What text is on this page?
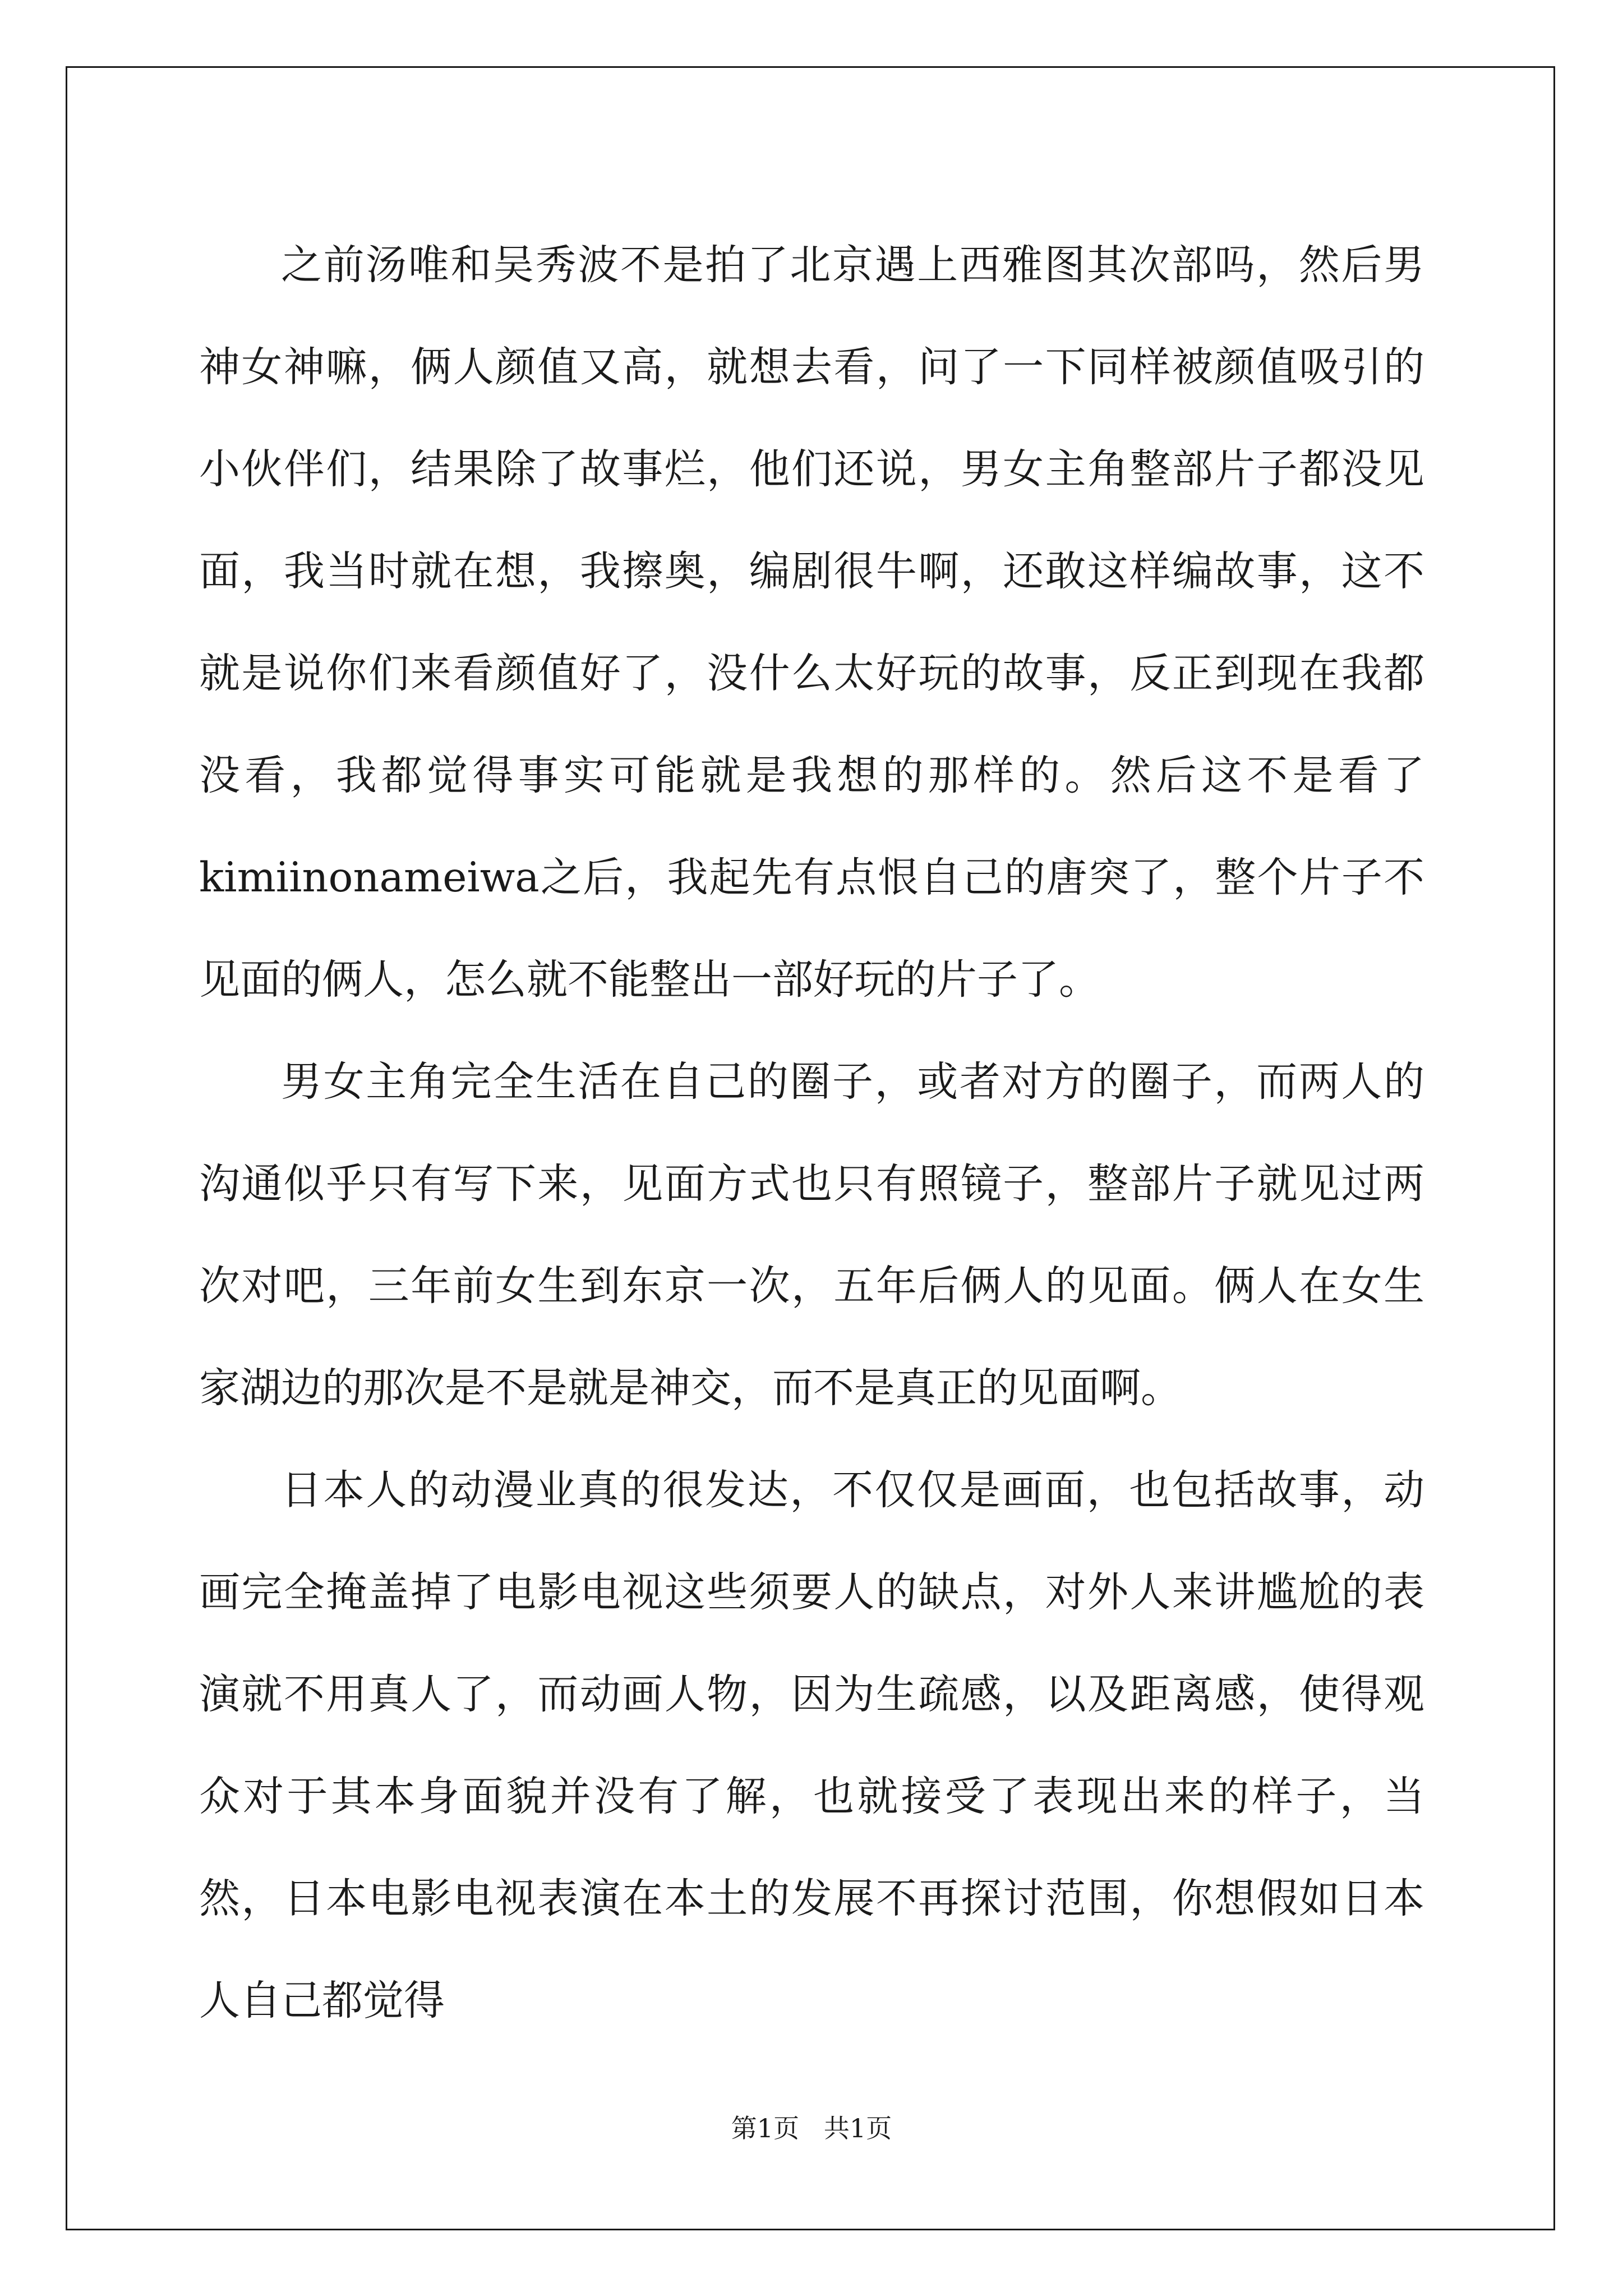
之前汤唯和吴秀波不是拍了北京遇上西雅图其次部吗，然后男神女神嘛，俩人颜值又高，就想去看，问了一下同样被颜值吸引的小伙伴们，结果除了故事烂，他们还说，男女主角整部片子都没见面，我当时就在想，我擦奥，编剧很牛啊，还敢这样编故事，这不就是说你们来看颜值好了，没什么太好玩的故事，反正到现在我都没看，我都觉得事实可能就是我想的那样的。然后这不是看了kimiinonameiwa之后，我起先有点恨自己的唐突了，整个片子不见面的俩人，怎么就不能整出一部好玩的片子了。

男女主角完全生活在自己的圈子，或者对方的圈子，而两人的沟通似乎只有写下来，见面方式也只有照镜子，整部片子就见过两次对吧，三年前女生到东京一次，五年后俩人的见面。俩人在女生家湖边的那次是不是就是神交，而不是真正的见面啊。

日本人的动漫业真的很发达，不仅仅是画面，也包括故事，动画完全掩盖掉了电影电视这些须要人的缺点，对外人来讲尴尬的表演就不用真人了，而动画人物，因为生疏感，以及距离感，使得观众对于其本身面貌并没有了解，也就接受了表现出来的样子，当然，日本电影电视表演在本土的发展不再探讨范围，你想假如日本人自己都觉得

第1页   共1页
